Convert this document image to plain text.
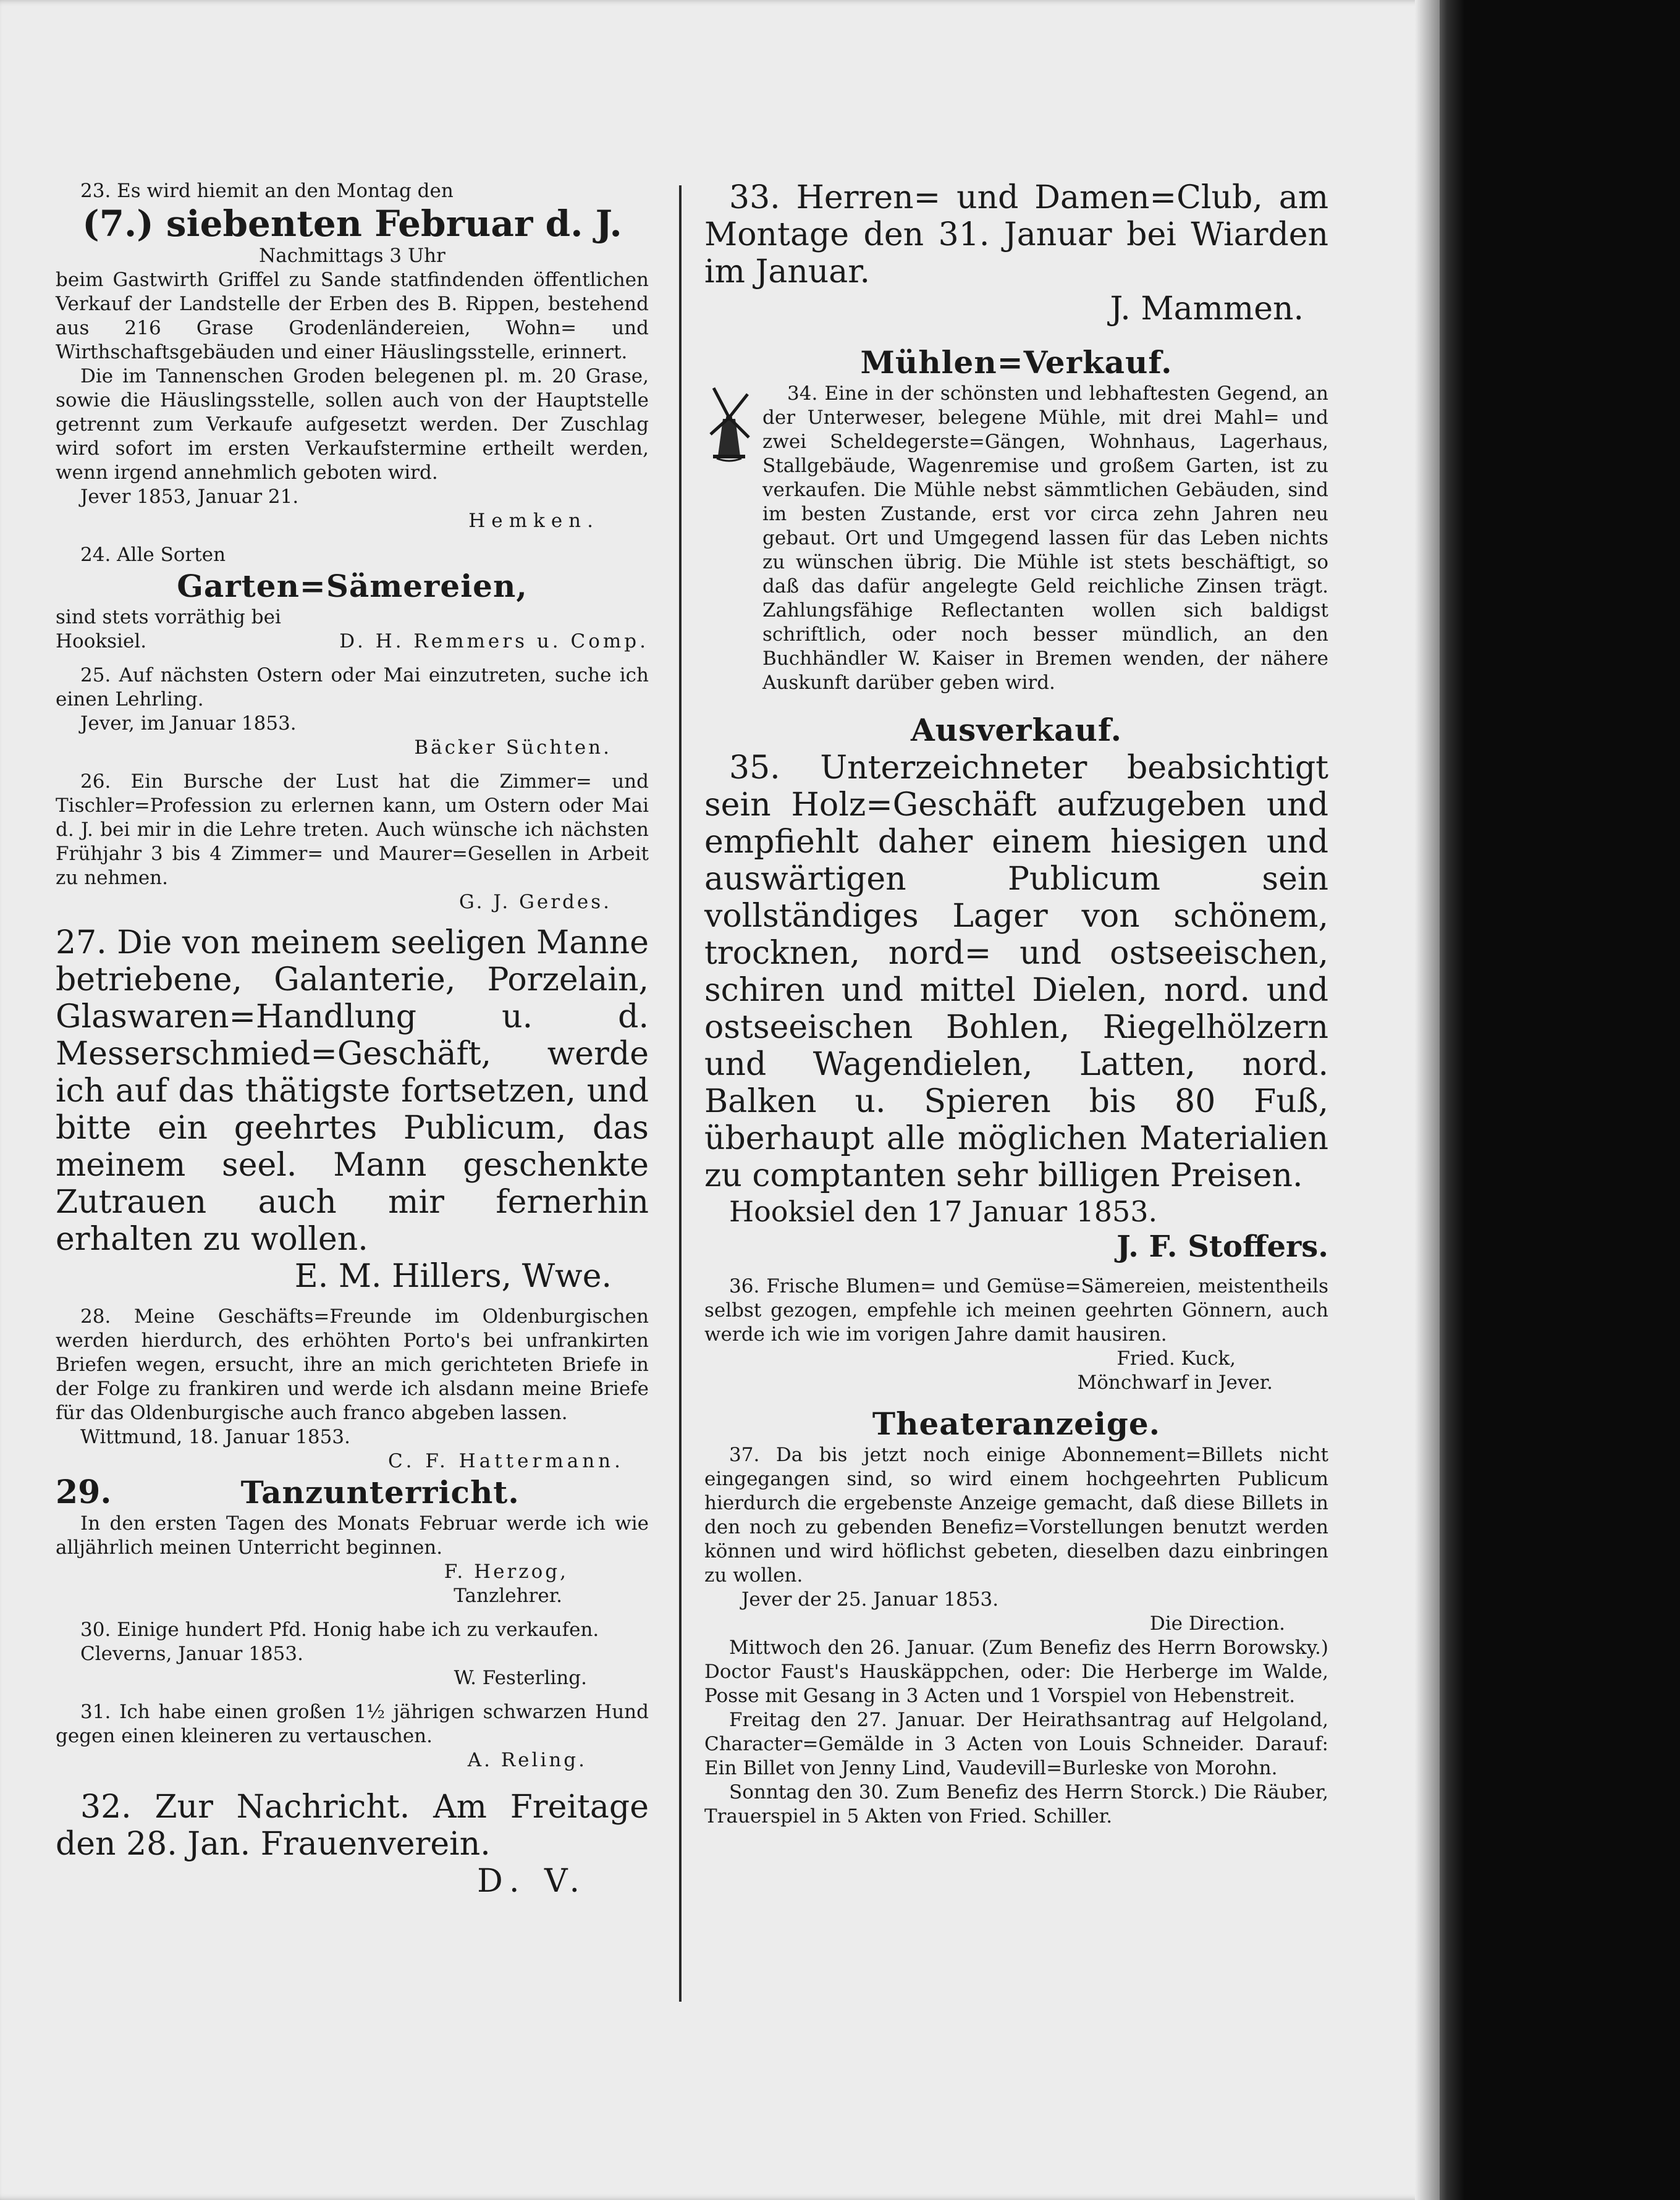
23. Es wird hiemit an den Montag den

(7.) siebenten Februar d. J.

Nachmittags 3 Uhr

beim Gastwirth Griffel zu Sande statfindenden öffentlichen Verkauf der Landstelle der Erben des B. Rippen, bestehend aus 216 Grase Grodenländereien, Wohn= und Wirthschaftsgebäuden und einer Häuslingsstelle, erinnert.

Die im Tannenschen Groden belegenen pl. m. 20 Grase, sowie die Häuslingsstelle, sollen auch von der Hauptstelle getrennt zum Verkaufe aufgesetzt werden. Der Zuschlag wird sofort im ersten Verkaufstermine ertheilt werden, wenn irgend annehmlich geboten wird.

Jever 1853, Januar 21.

Hemken.

24. Alle Sorten

Garten=Sämereien,

sind stets vorräthig bei

Hooksiel.	D. H. Remmers u. Comp.

25. Auf nächsten Ostern oder Mai einzutreten, suche ich einen Lehrling.

Jever, im Januar 1853.

Bäcker Süchten.

26. Ein Bursche der Lust hat die Zimmer= und Tischler=Profession zu erlernen kann, um Ostern oder Mai d. J. bei mir in die Lehre treten. Auch wünsche ich nächsten Frühjahr 3 bis 4 Zimmer= und Maurer=Gesellen in Arbeit zu nehmen.

G. J. Gerdes.

27. Die von meinem seeligen Manne betriebene, Galanterie, Porzelain, Glaswaren=Handlung u. d. Messerschmied=Geschäft, werde ich auf das thätigste fortsetzen, und bitte ein geehrtes Publicum, das meinem seel. Mann geschenkte Zutrauen auch mir fernerhin erhalten zu wollen.

E. M. Hillers, Wwe.

28. Meine Geschäfts=Freunde im Oldenburgischen werden hierdurch, des erhöhten Porto's bei unfrankirten Briefen wegen, ersucht, ihre an mich gerichteten Briefe in der Folge zu frankiren und werde ich alsdann meine Briefe für das Oldenburgische auch franco abgeben lassen.

Wittmund, 18. Januar 1853.

C. F. Hattermann.

29.	Tanzunterricht.

In den ersten Tagen des Monats Februar werde ich wie alljährlich meinen Unterricht beginnen.

F. Herzog,

Tanzlehrer.

30. Einige hundert Pfd. Honig habe ich zu verkaufen.

Cleverns, Januar 1853.

W. Festerling.

31. Ich habe einen großen 1½ jährigen schwarzen Hund gegen einen kleineren zu vertauschen.

A. Reling.

32. Zur Nachricht. Am Freitage den 28. Jan. Frauenverein.

D. V.

33. Herren= und Damen=Club, am Montage den 31. Januar bei Wiarden im Januar.

J. Mammen.

Mühlen=Verkauf.

34. Eine in der schönsten und lebhaftesten Gegend, an der Unterweser, belegene Mühle, mit drei Mahl= und zwei Scheldegerste=Gängen, Wohnhaus, Lagerhaus, Stallgebäude, Wagenremise und großem Garten, ist zu verkaufen. Die Mühle nebst sämmtlichen Gebäuden, sind im besten Zustande, erst vor circa zehn Jahren neu gebaut. Ort und Umgegend lassen für das Leben nichts zu wünschen übrig. Die Mühle ist stets beschäftigt, so daß das dafür angelegte Geld reichliche Zinsen trägt. Zahlungsfähige Reflectanten wollen sich baldigst schriftlich, oder noch besser mündlich, an den Buchhändler W. Kaiser in Bremen wenden, der nähere Auskunft darüber geben wird.

Ausverkauf.

35. Unterzeichneter beabsichtigt sein Holz=Geschäft aufzugeben und empfiehlt daher einem hiesigen und auswärtigen Publicum sein vollständiges Lager von schönem, trocknen, nord= und ostseeischen, schiren und mittel Dielen, nord. und ostseeischen Bohlen, Riegelhölzern und Wagendielen, Latten, nord. Balken u. Spieren bis 80 Fuß, überhaupt alle möglichen Materialien zu comptanten sehr billigen Preisen.

Hooksiel den 17 Januar 1853.

J. F. Stoffers.

36. Frische Blumen= und Gemüse=Sämereien, meistentheils selbst gezogen, empfehle ich meinen geehrten Gönnern, auch werde ich wie im vorigen Jahre damit hausiren.

Fried. Kuck,

Mönchwarf in Jever.

Theateranzeige.

37. Da bis jetzt noch einige Abonnement=Billets nicht eingegangen sind, so wird einem hochgeehrten Publicum hierdurch die ergebenste Anzeige gemacht, daß diese Billets in den noch zu gebenden Benefiz=Vorstellungen benutzt werden können und wird höflichst gebeten, dieselben dazu einbringen zu wollen.

Jever der 25. Januar 1853.

Die Direction.

Mittwoch den 26. Januar. (Zum Benefiz des Herrn Borowsky.) Doctor Faust's Hauskäppchen, oder: Die Herberge im Walde, Posse mit Gesang in 3 Acten und 1 Vorspiel von Hebenstreit.

Freitag den 27. Januar. Der Heirathsantrag auf Helgoland, Character=Gemälde in 3 Acten von Louis Schneider. Darauf: Ein Billet von Jenny Lind, Vaudevill=Burleske von Morohn.

Sonntag den 30. Zum Benefiz des Herrn Storck.) Die Räuber, Trauerspiel in 5 Akten von Fried. Schiller.
